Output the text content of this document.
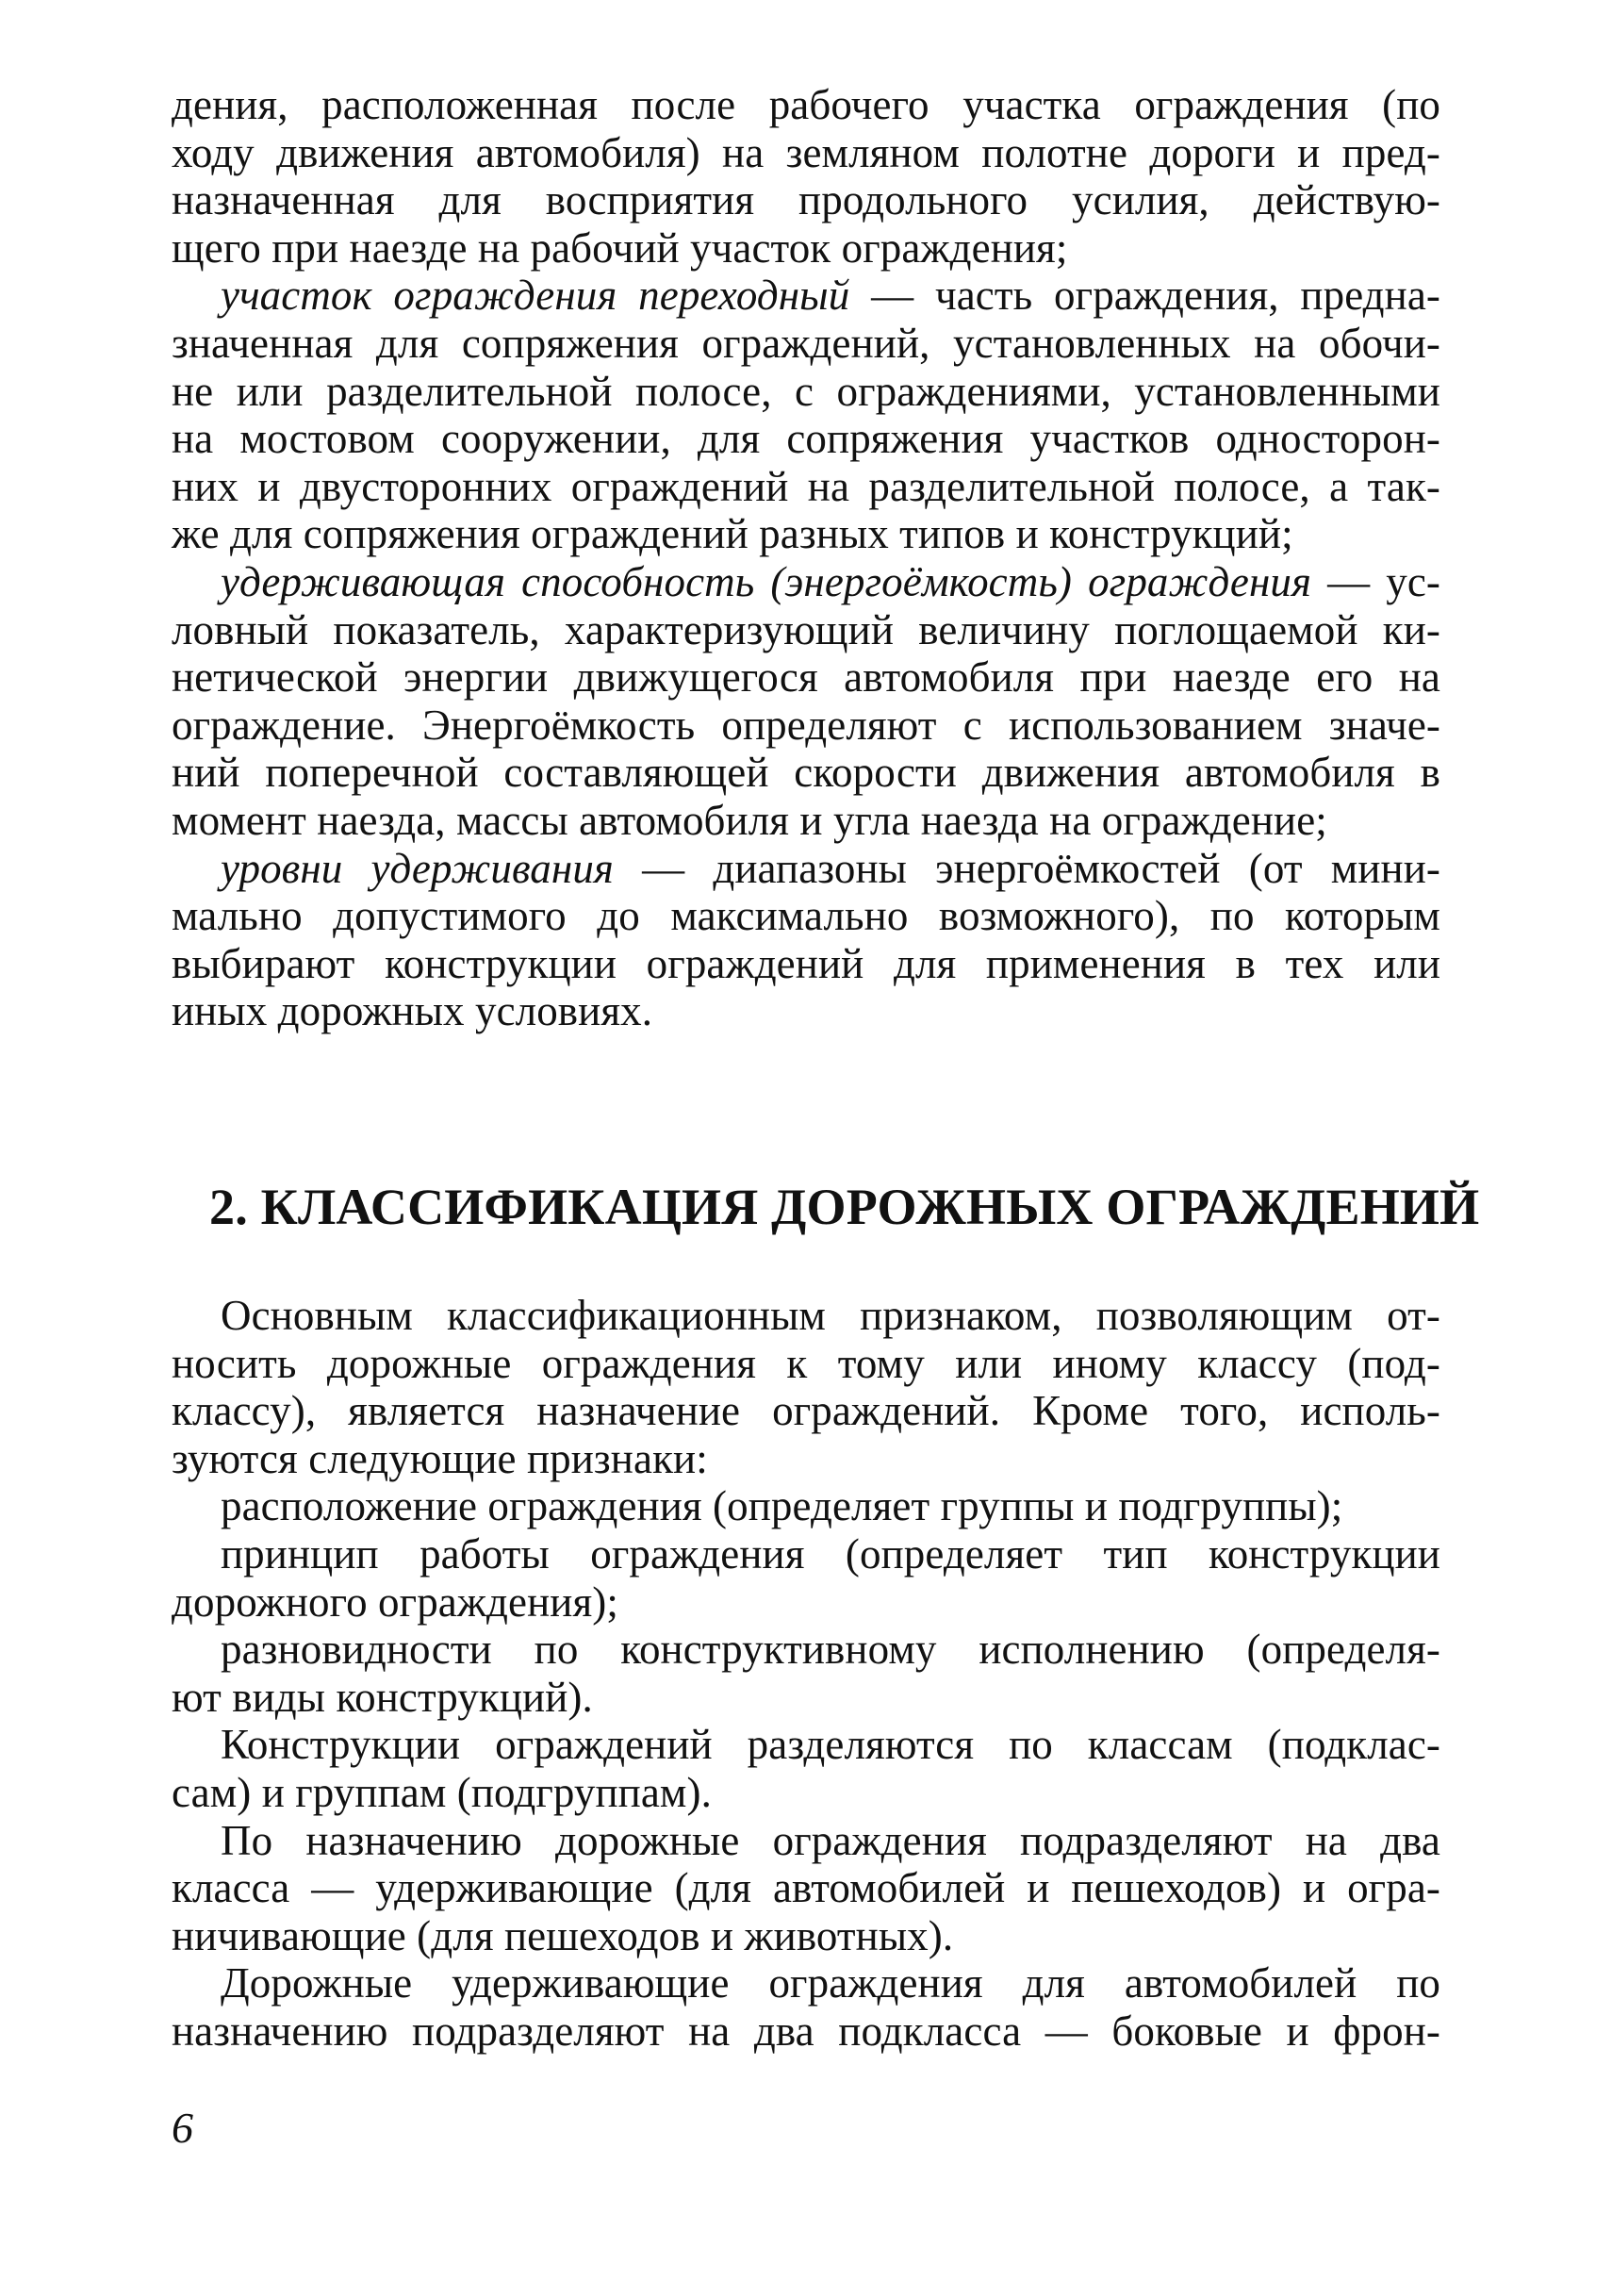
дения, расположенная после рабочего участка ограждения (по
ходу движения автомобиля) на земляном полотне дороги и пред-
назначенная для восприятия продольного усилия, действую-
щего при наезде на рабочий участок ограждения;
участок ограждения переходный — часть ограждения, предна-
значенная для сопряжения ограждений, установленных на обочи-
не или разделительной полосе, с ограждениями, установленными
на мостовом сооружении, для сопряжения участков односторон-
них и двусторонних ограждений на разделительной полосе, а так-
же для сопряжения ограждений разных типов и конструкций;
удерживающая способность (энергоёмкость) ограждения — ус-
ловный показатель, характеризующий величину поглощаемой ки-
нетической энергии движущегося автомобиля при наезде его на
ограждение. Энергоёмкость определяют с использованием значе-
ний поперечной составляющей скорости движения автомобиля в
момент наезда, массы автомобиля и угла наезда на ограждение;
уровни удерживания — диапазоны энергоёмкостей (от мини-
мально допустимого до максимально возможного), по которым
выбирают конструкции ограждений для применения в тех или
иных дорожных условиях.
2. КЛАССИФИКАЦИЯ ДОРОЖНЫХ ОГРАЖДЕНИЙ
Основным классификационным признаком, позволяющим от-
носить дорожные ограждения к тому или иному классу (под-
классу), является назначение ограждений. Кроме того, исполь-
зуются следующие признаки:
расположение ограждения (определяет группы и подгруппы);
принцип работы ограждения (определяет тип конструкции
дорожного ограждения);
разновидности по конструктивному исполнению (определя-
ют виды конструкций).
Конструкции ограждений разделяются по классам (подклас-
сам) и группам (подгруппам).
По назначению дорожные ограждения подразделяют на два
класса — удерживающие (для автомобилей и пешеходов) и огра-
ничивающие (для пешеходов и животных).
Дорожные удерживающие ограждения для автомобилей по
назначению подразделяют на два подкласса — боковые и фрон-
6
